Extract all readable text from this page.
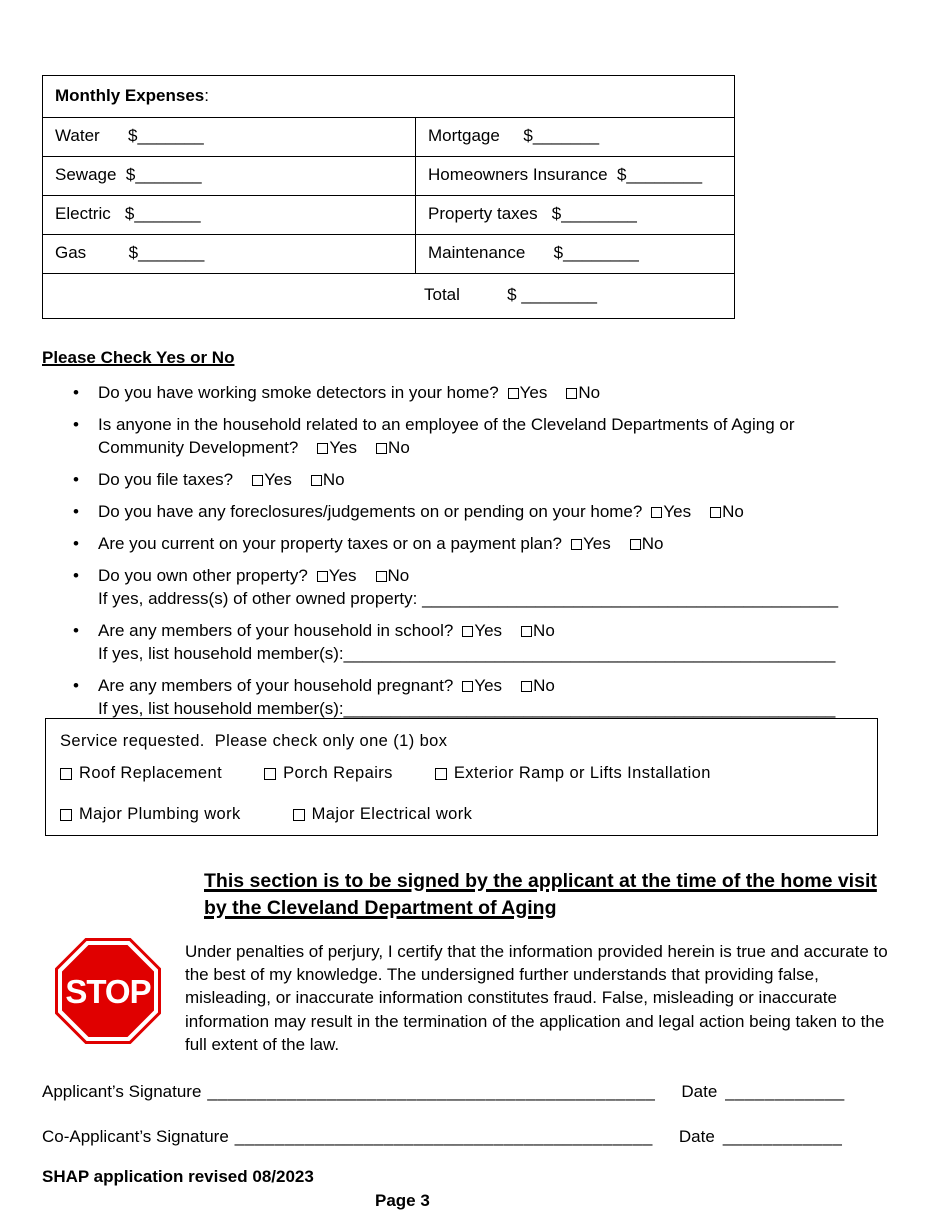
Monthly Expenses:
Water      $_______	Mortgage     $_______
Sewage  $_______	Homeowners Insurance  $________
Electric   $_______	Property taxes   $________
Gas         $_______	Maintenance      $________
Total          $ ________
Please Check Yes or No
• Do you have working smoke detectors in your home? Yes No
• Is anyone in the household related to an employee of the Cleveland Departments of Aging or
Community Development? Yes No
• Do you file taxes? Yes No
• Do you have any foreclosures/judgements on or pending on your home? Yes No
• Are you current on your property taxes or on a payment plan? Yes No
• Do you own other property? Yes No
If yes, address(s) of other owned property: ____________________________________________
• Are any members of your household in school? Yes No
If yes, list household member(s):____________________________________________________
• Are any members of your household pregnant? Yes No
If yes, list household member(s):____________________________________________________
Service requested.  Please check only one (1) box
Roof Replacement	Porch Repairs	Exterior Ramp or Lifts Installation
Major Plumbing work	Major Electrical work
This section is to be signed by the applicant at the time of the home visit by the Cleveland Department of Aging
STOP
Under penalties of perjury, I certify that the information provided herein is true and accurate to the best of my knowledge. The undersigned further understands that providing false, misleading, or inaccurate information constitutes fraud. False, misleading or inaccurate information may result in the termination of the application and legal action being taken to the full extent of the law.
Applicant’s Signature _____________________________________________ Date ____________
Co-Applicant’s Signature __________________________________________ Date ____________
SHAP application revised 08/2023
Page 3
